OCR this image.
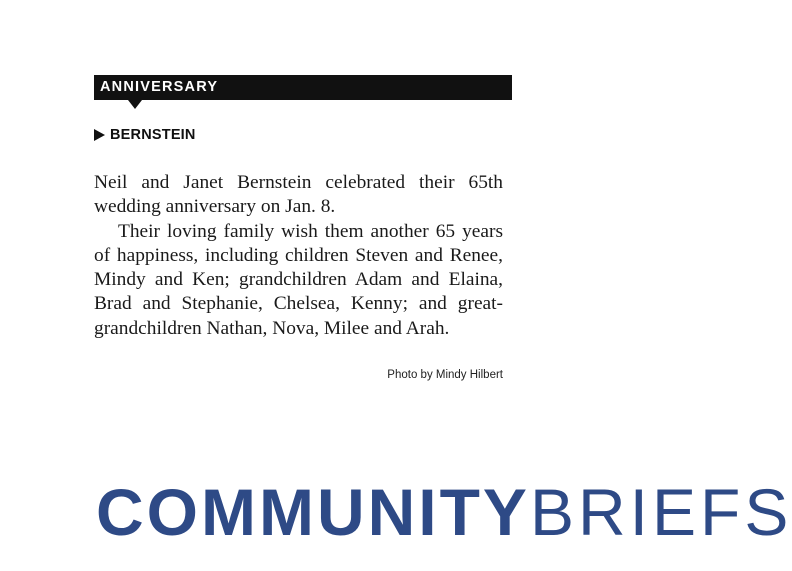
ANNIVERSARY
BERNSTEIN

Neil and Janet Bernstein celebrated their 65th wedding anniversary on Jan. 8.

Their loving family wish them another 65 years of happiness, including children Steven and Renee, Mindy and Ken; grandchildren Adam and Elaina, Brad and Stephanie, Chelsea, Kenny; and great-grandchildren Nathan, Nova, Milee and Arah.

Photo by Mindy Hilbert
COMMUNITYBRIEFS
